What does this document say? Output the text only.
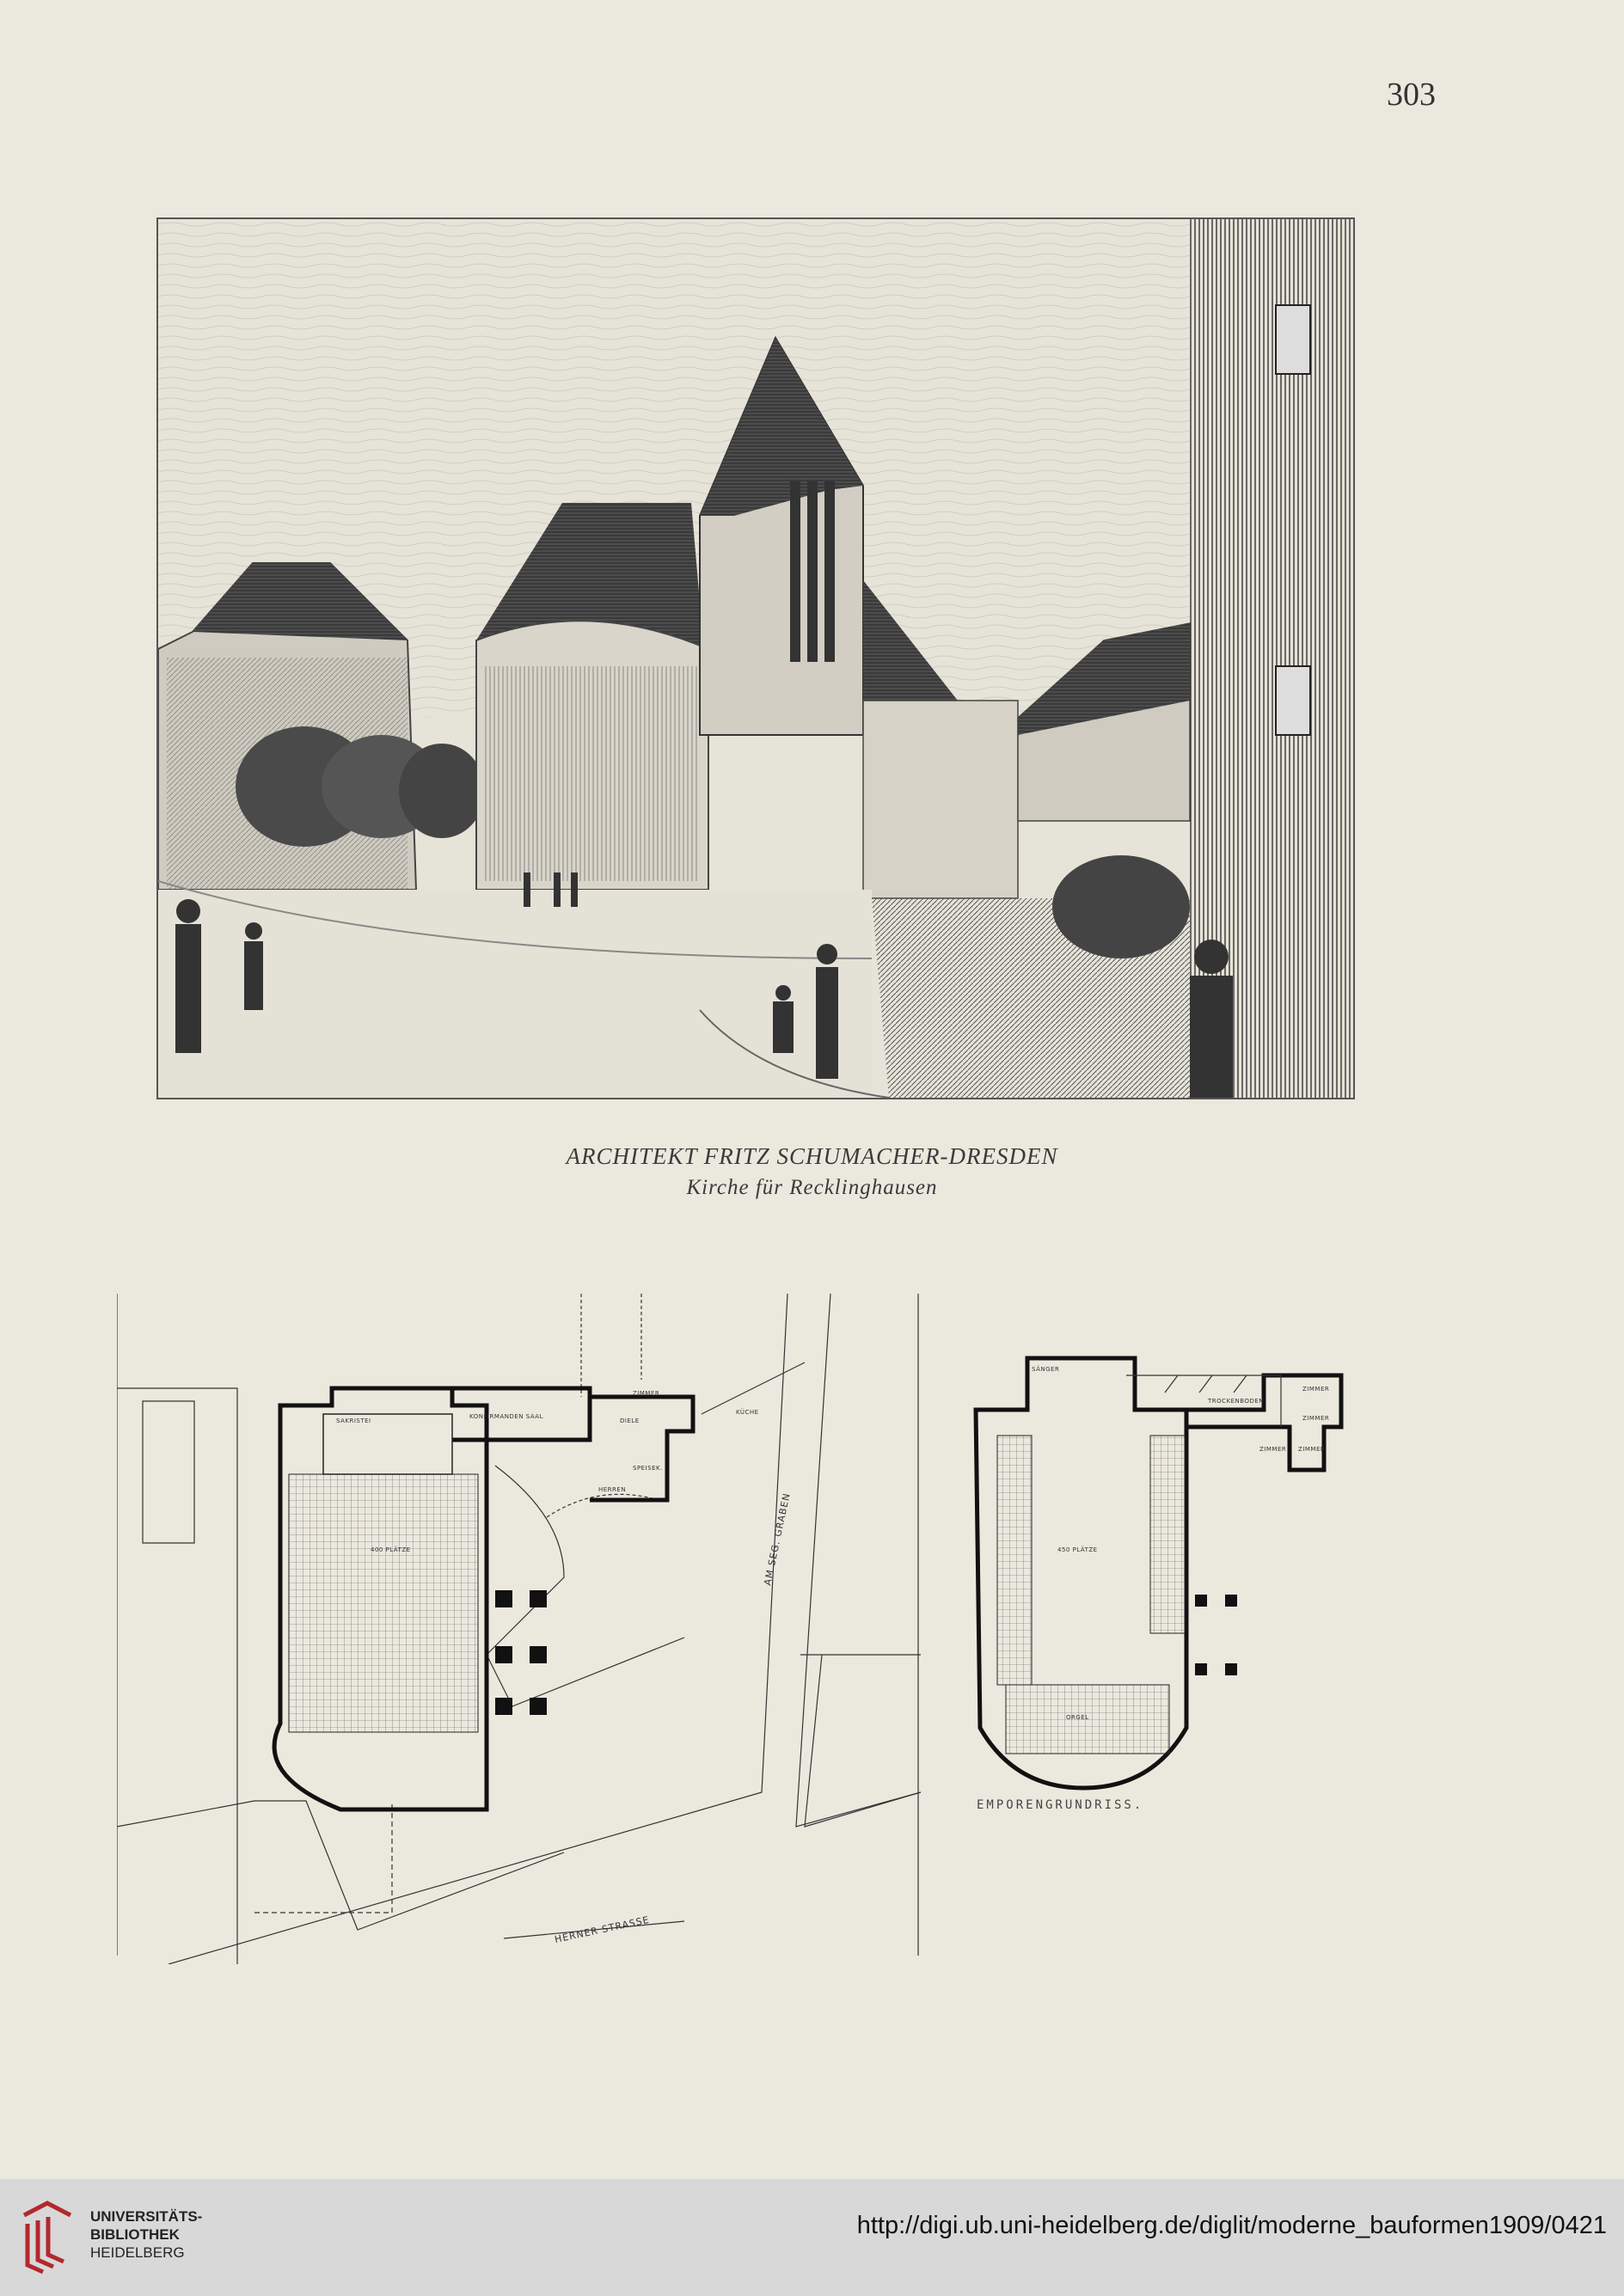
303
ARCHITEKT FRITZ SCHUMACHER-DRESDEN
Kirche für Recklinghausen
KONFIRMANDEN SAAL
DIELE
ZIMMER
SPEISEK.
HERREN
SAKRISTEI
KÜCHE
400 PLÄTZE	AM SEG. GRABEN
HERNER STRASSE
SÄNGER
TROCKENBODEN
ZIMMER
ZIMMER
ZIMMER ZIMMER
450 PLÄTZE
ORGEL
EMPORENGRUNDRISS.
UNIVERSITÄTS-
BIBLIOTHEK
HEIDELBERG
http://digi.ub.uni-heidelberg.de/diglit/moderne_bauformen1909/0421
